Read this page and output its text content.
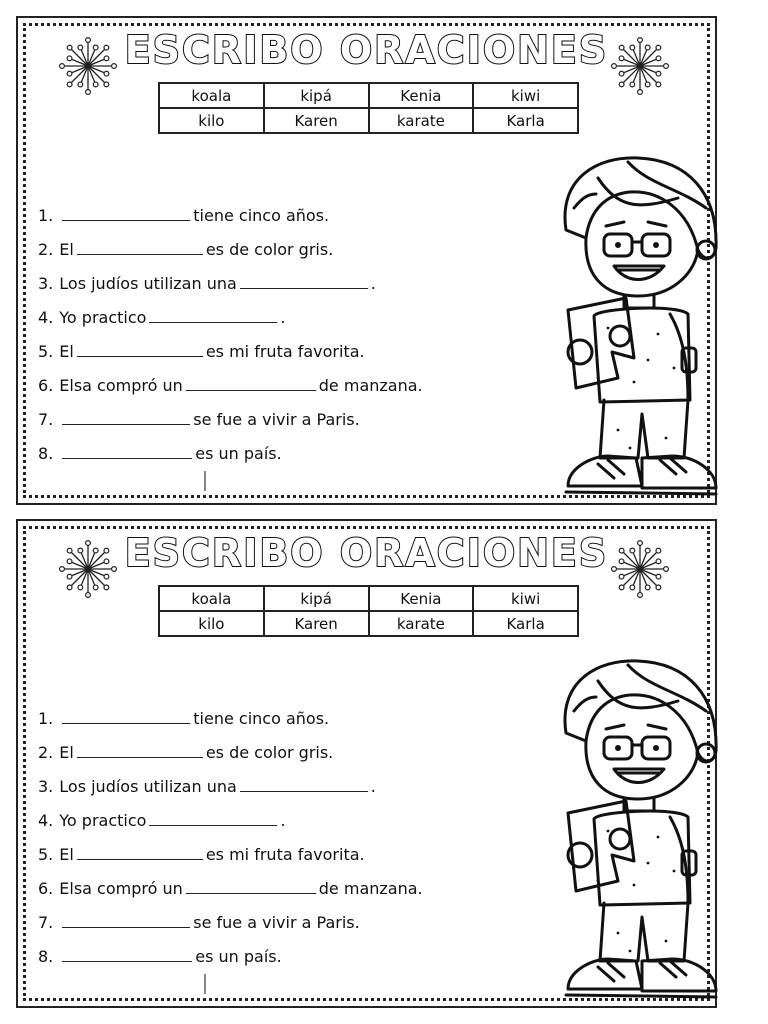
ESCRIBO ORACIONES
koala	kipá	Kenia	kiwi
kilo	Karen	karate	Karla
1.	tiene cinco años.
2. El	es de color gris.
3. Los judíos utilizan una	.
4. Yo practico	.
5. El	es mi fruta favorita.
6. Elsa compró un	de manzana.
7.	se fue a vivir a Paris.
8.	es un país.
ESCRIBO ORACIONES
koala	kipá	Kenia	kiwi
kilo	Karen	karate	Karla
1.	tiene cinco años.
2. El	es de color gris.
3. Los judíos utilizan una	.
4. Yo practico	.
5. El	es mi fruta favorita.
6. Elsa compró un	de manzana.
7.	se fue a vivir a Paris.
8.	es un país.
